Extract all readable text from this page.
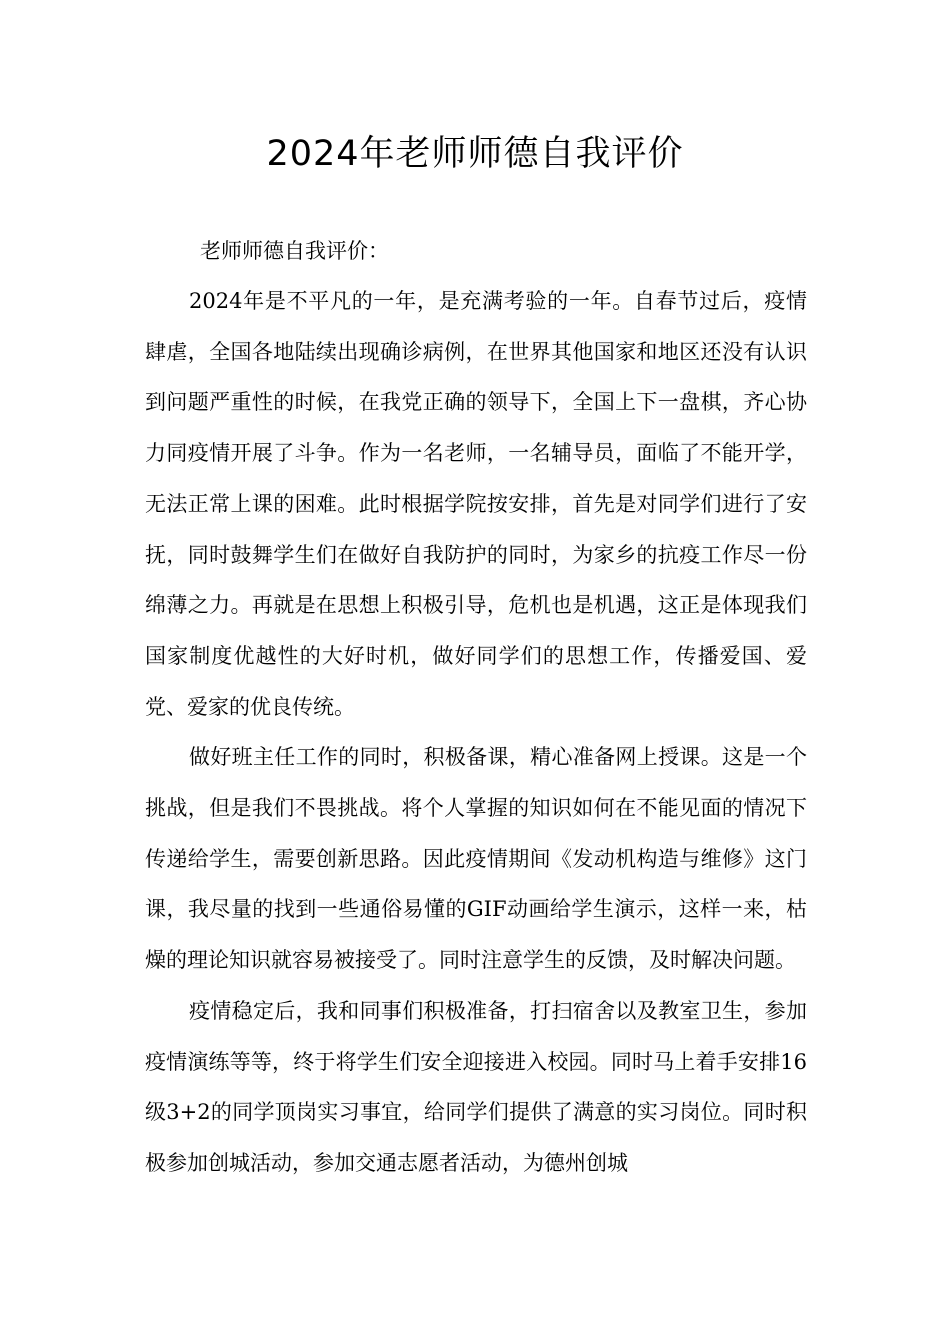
2024年老师师德自我评价
老师师德自我评价：

2024年是不平凡的一年，是充满考验的一年。自春节过后，疫情肆虐，全国各地陆续出现确诊病例，在世界其他国家和地区还没有认识到问题严重性的时候，在我党正确的领导下，全国上下一盘棋，齐心协力同疫情开展了斗争。作为一名老师，一名辅导员，面临了不能开学，无法正常上课的困难。此时根据学院按安排，首先是对同学们进行了安抚，同时鼓舞学生们在做好自我防护的同时，为家乡的抗疫工作尽一份绵薄之力。再就是在思想上积极引导，危机也是机遇，这正是体现我们国家制度优越性的大好时机，做好同学们的思想工作，传播爱国、爱党、爱家的优良传统。

做好班主任工作的同时，积极备课，精心准备网上授课。这是一个挑战，但是我们不畏挑战。将个人掌握的知识如何在不能见面的情况下传递给学生，需要创新思路。因此疫情期间《发动机构造与维修》这门课，我尽量的找到一些通俗易懂的GIF动画给学生演示，这样一来，枯燥的理论知识就容易被接受了。同时注意学生的反馈，及时解决问题。

疫情稳定后，我和同事们积极准备，打扫宿舍以及教室卫生，参加疫情演练等等，终于将学生们安全迎接进入校园。同时马上着手安排16级3+2的同学顶岗实习事宜，给同学们提供了满意的实习岗位。同时积极参加创城活动，参加交通志愿者活动，为德州创城
